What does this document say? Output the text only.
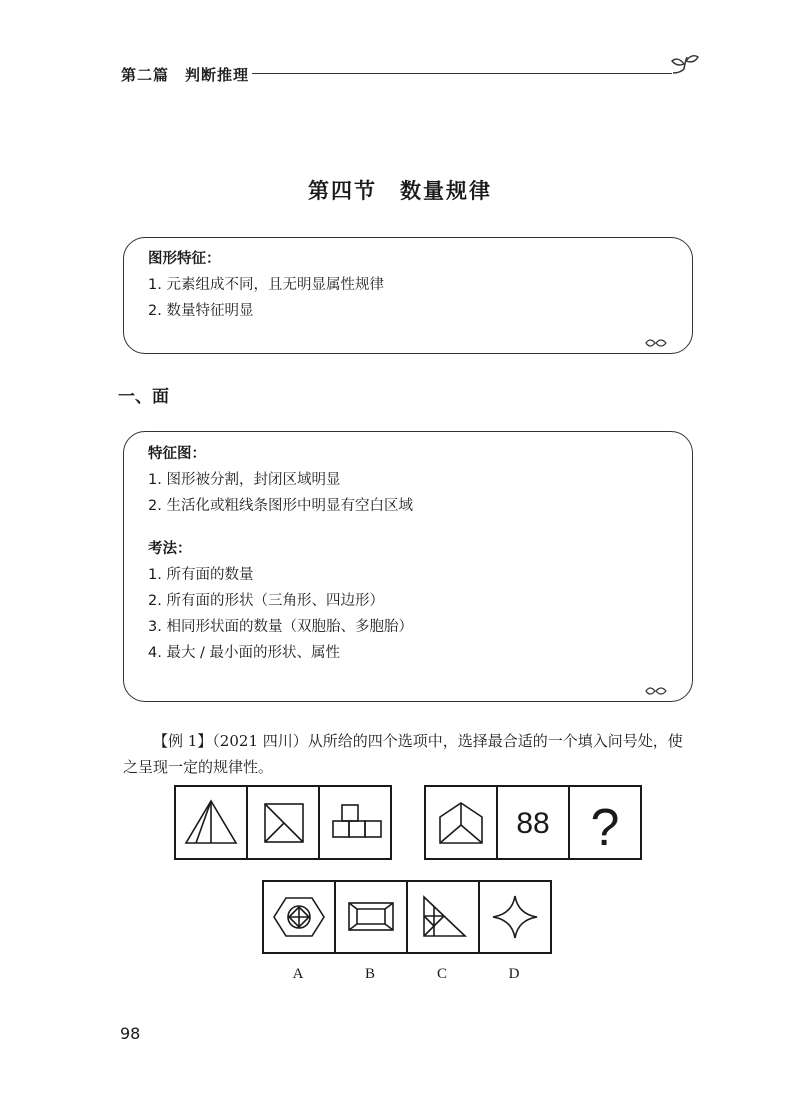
第二篇　判断推理
第四节　数量规律
图形特征：
1. 元素组成不同，且无明显属性规律
2. 数量特征明显
一、面
特征图：
1. 图形被分割，封闭区域明显
2. 生活化或粗线条图形中明显有空白区域
考法：
1. 所有面的数量
2. 所有面的形状（三角形、四边形）
3. 相同形状面的数量（双胞胎、多胞胎）
4. 最大 / 最小面的形状、属性
【例 1】（2021 四川）从所给的四个选项中，选择最合适的一个填入问号处，使之呈现一定的规律性。
88 ?
A	B	C	D
98
